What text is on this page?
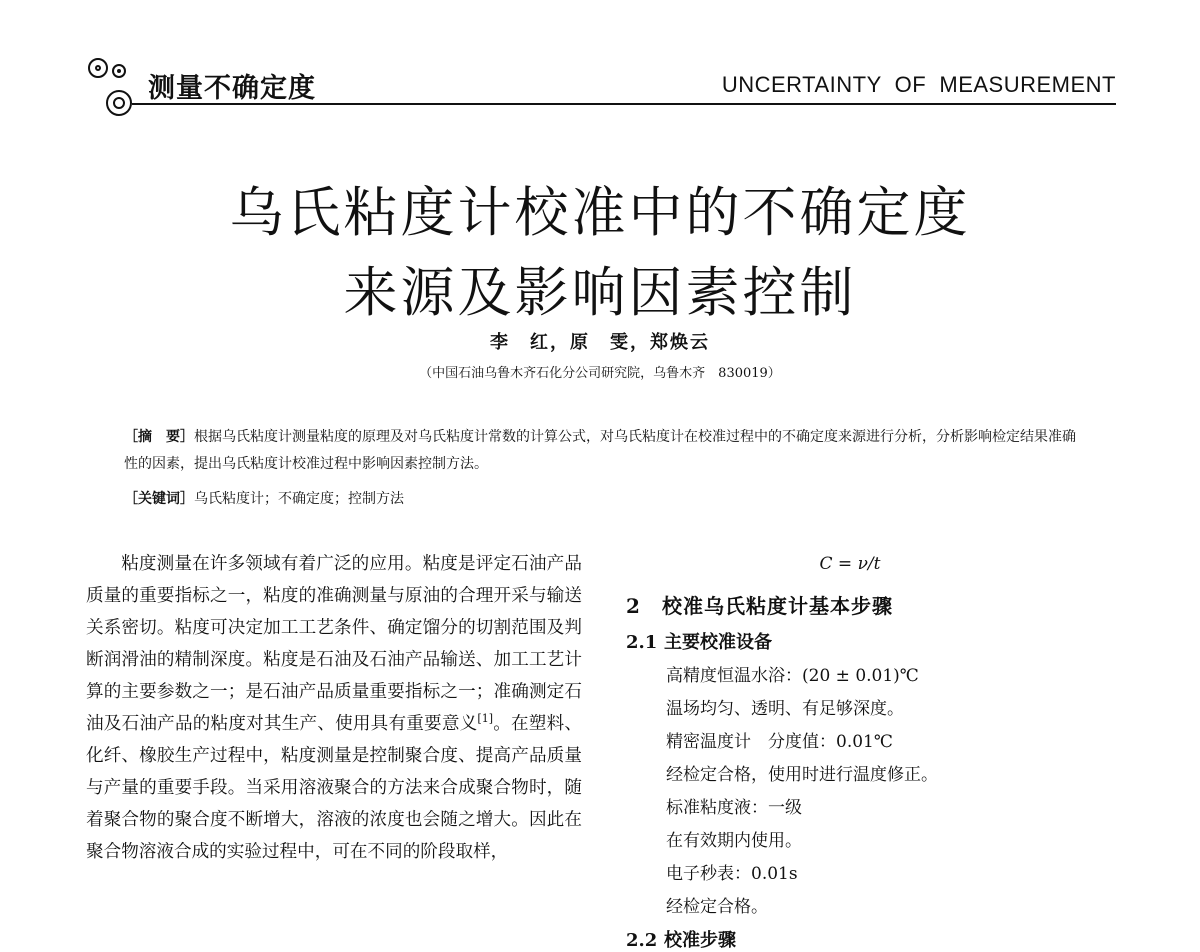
测量不确定度	UNCERTAINTY  OF  MEASUREMENT
乌氏粘度计校准中的不确定度
来源及影响因素控制
李　红，原　雯，郑焕云
（中国石油乌鲁木齐石化分公司研究院，乌鲁木齐　830019）
［摘　要］根据乌氏粘度计测量粘度的原理及对乌氏粘度计常数的计算公式，对乌氏粘度计在校准过程中的不确定度来源进行分析，分析影响检定结果准确性的因素，提出乌氏粘度计校准过程中影响因素控制方法。
［关键词］乌氏粘度计；不确定度；控制方法

粘度测量在许多领域有着广泛的应用。粘度是评定石油产品质量的重要指标之一，粘度的准确测量与原油的合理开采与输送关系密切。粘度可决定加工工艺条件、确定馏分的切割范围及判断润滑油的精制深度。粘度是石油及石油产品输送、加工工艺计算的主要参数之一；是石油产品质量重要指标之一；准确测定石油及石油产品的粘度对其生产、使用具有重要意义[1]。在塑料、化纤、橡胶生产过程中，粘度测量是控制聚合度、提高产品质量与产量的重要手段。当采用溶液聚合的方法来合成聚合物时，随着聚合物的聚合度不断增大，溶液的浓度也会随之增大。因此在聚合物溶液合成的实验过程中，可在不同的阶段取样，

C = ν/t
2 校准乌氏粘度计基本步骤
2.1 主要校准设备
高精度恒温水浴：(20 ± 0.01)℃
温场均匀、透明、有足够深度。
精密温度计　分度值：0.01℃
经检定合格，使用时进行温度修正。
标准粘度液：一级
在有效期内使用。
电子秒表：0.01s
经检定合格。
2.2 校准步骤
